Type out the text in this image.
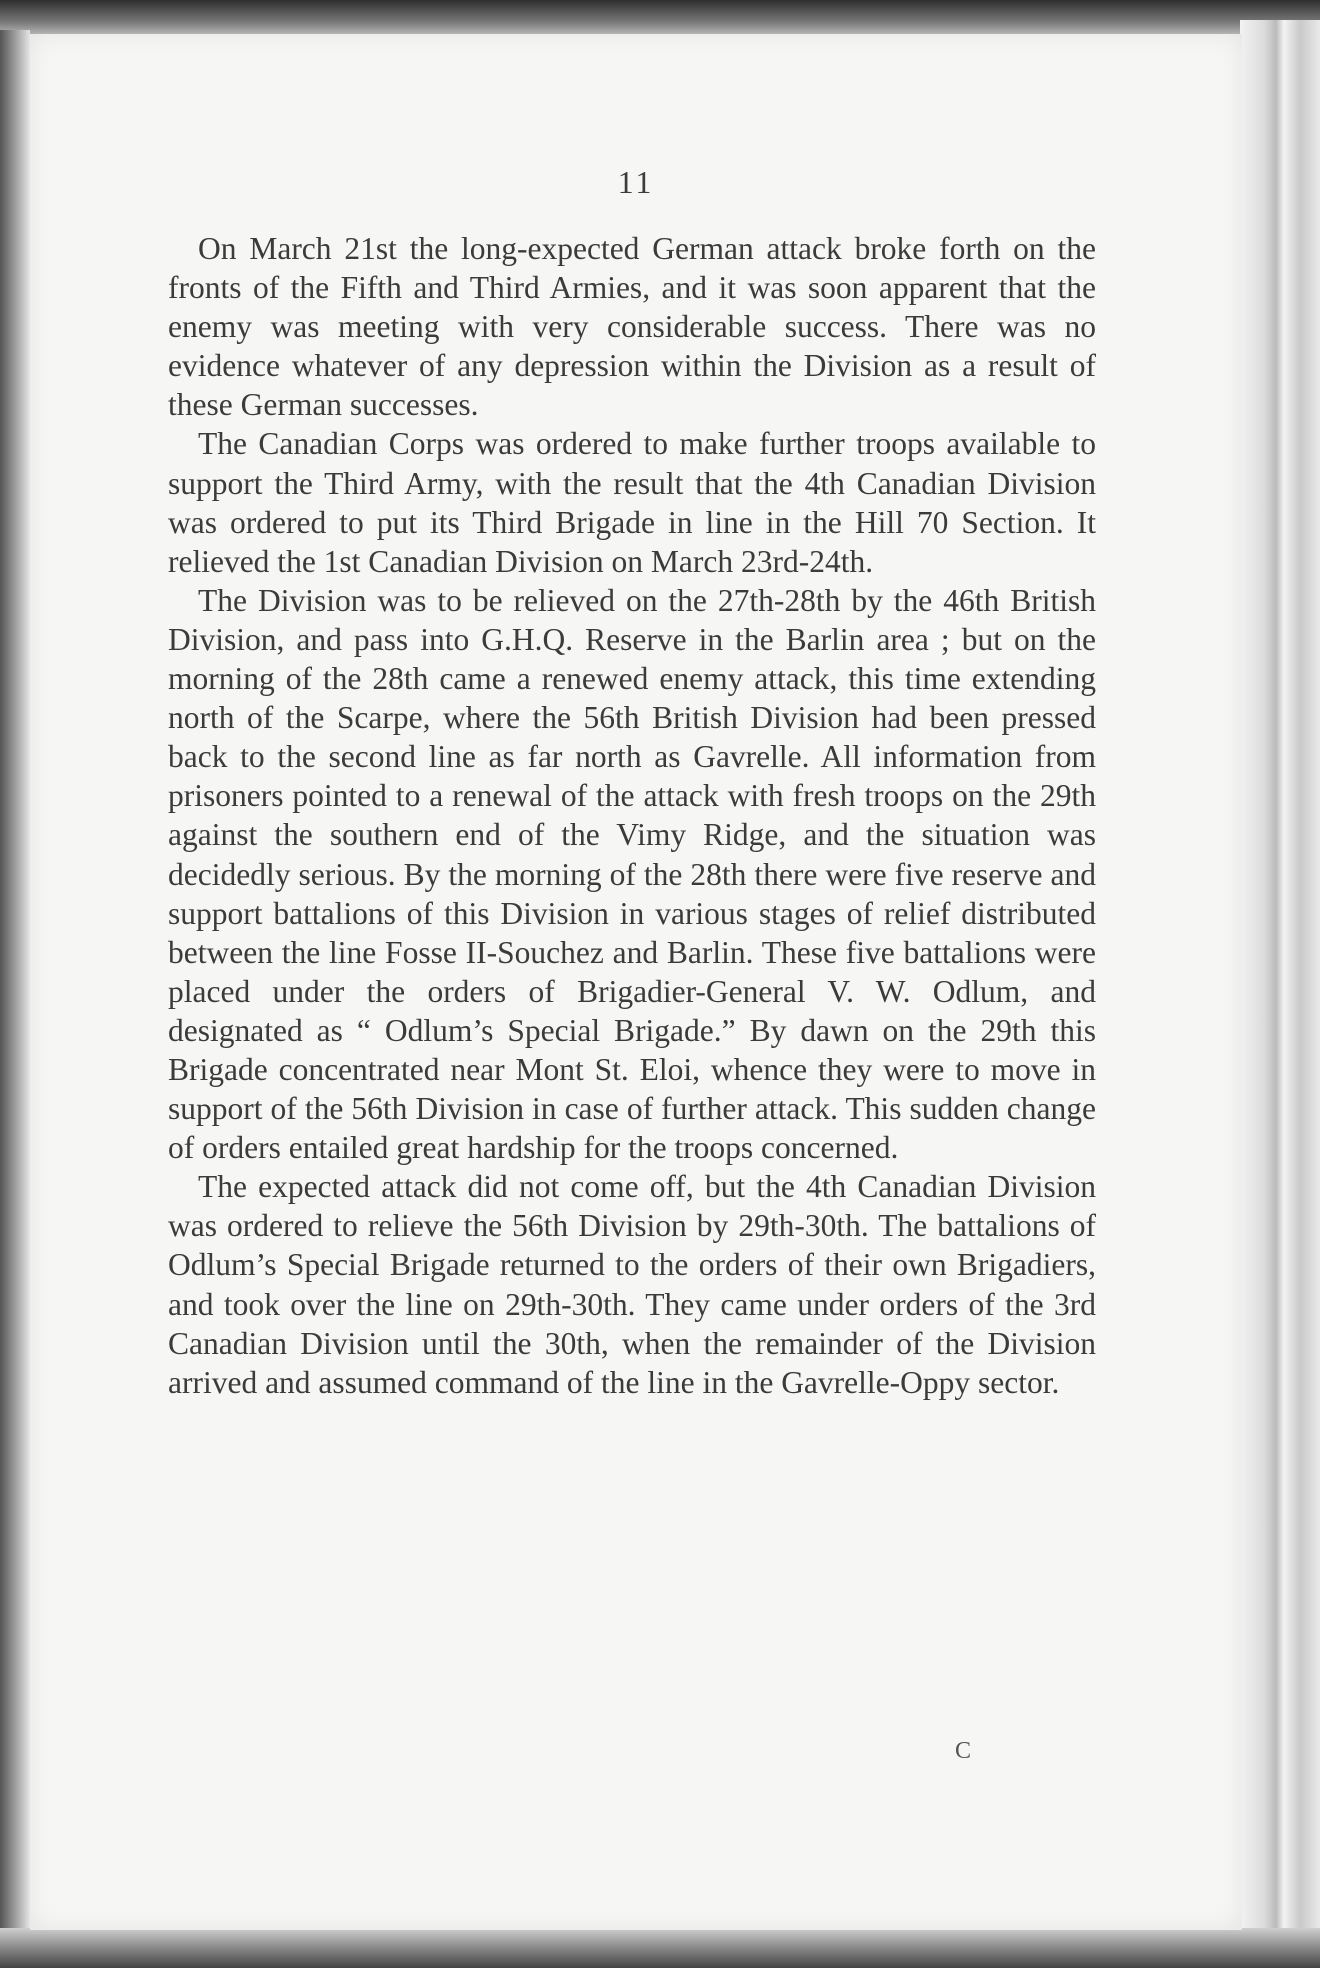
11

On March 21st the long-expected German attack broke forth on the fronts of the Fifth and Third Armies, and it was soon apparent that the enemy was meeting with very considerable success. There was no evidence whatever of any depression within the Division as a result of these German successes.

The Canadian Corps was ordered to make further troops available to support the Third Army, with the result that the 4th Canadian Division was ordered to put its Third Brigade in line in the Hill 70 Section. It relieved the 1st Canadian Division on March 23rd-24th.

The Division was to be relieved on the 27th-28th by the 46th British Division, and pass into G.H.Q. Reserve in the Barlin area ; but on the morning of the 28th came a renewed enemy attack, this time extending north of the Scarpe, where the 56th British Division had been pressed back to the second line as far north as Gavrelle. All information from prisoners pointed to a renewal of the attack with fresh troops on the 29th against the southern end of the Vimy Ridge, and the situation was decidedly serious. By the morning of the 28th there were five reserve and support battalions of this Division in various stages of relief distributed between the line Fosse II-Souchez and Barlin. These five battalions were placed under the orders of Brigadier-General V. W. Odlum, and designated as “ Odlum’s Special Brigade.” By dawn on the 29th this Brigade concentrated near Mont St. Eloi, whence they were to move in support of the 56th Division in case of further attack. This sudden change of orders entailed great hardship for the troops concerned.

The expected attack did not come off, but the 4th Canadian Division was ordered to relieve the 56th Division by 29th-30th. The battalions of Odlum’s Special Brigade returned to the orders of their own Brigadiers, and took over the line on 29th-30th. They came under orders of the 3rd Canadian Division until the 30th, when the remainder of the Division arrived and assumed command of the line in the Gavrelle-Oppy sector.

C
